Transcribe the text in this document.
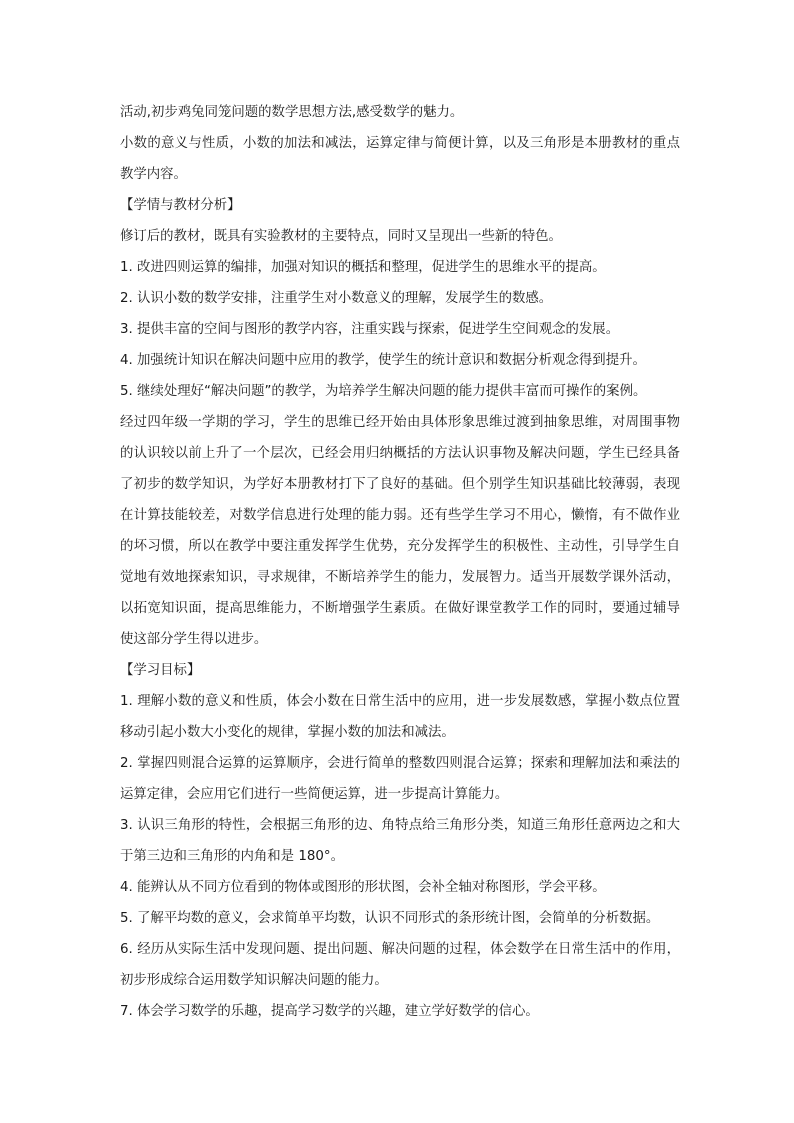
活动,初步鸡兔同笼问题的数学思想方法,感受数学的魅力。

小数的意义与性质，小数的加法和减法，运算定律与简便计算，以及三角形是本册教材的重点教学内容。

【学情与教材分析】

修订后的教材，既具有实验教材的主要特点，同时又呈现出一些新的特色。

1. 改进四则运算的编排，加强对知识的概括和整理，促进学生的思维水平的提高。

2. 认识小数的数学安排，注重学生对小数意义的理解，发展学生的数感。

3. 提供丰富的空间与图形的教学内容，注重实践与探索，促进学生空间观念的发展。

4. 加强统计知识在解决问题中应用的教学，使学生的统计意识和数据分析观念得到提升。

5. 继续处理好“解决问题”的教学，为培养学生解决问题的能力提供丰富而可操作的案例。

经过四年级一学期的学习，学生的思维已经开始由具体形象思维过渡到抽象思维，对周围事物的认识较以前上升了一个层次，已经会用归纳概括的方法认识事物及解决问题，学生已经具备了初步的数学知识，为学好本册教材打下了良好的基础。但个别学生知识基础比较薄弱，表现在计算技能较差，对数学信息进行处理的能力弱。还有些学生学习不用心，懒惰，有不做作业的坏习惯，所以在教学中要注重发挥学生优势，充分发挥学生的积极性、主动性，引导学生自觉地有效地探索知识，寻求规律，不断培养学生的能力，发展智力。适当开展数学课外活动，以拓宽知识面，提高思维能力，不断增强学生素质。在做好课堂教学工作的同时，要通过辅导使这部分学生得以进步。

【学习目标】

1. 理解小数的意义和性质，体会小数在日常生活中的应用，进一步发展数感，掌握小数点位置移动引起小数大小变化的规律，掌握小数的加法和减法。

2. 掌握四则混合运算的运算顺序，会进行简单的整数四则混合运算；探索和理解加法和乘法的运算定律，会应用它们进行一些简便运算，进一步提高计算能力。

3. 认识三角形的特性，会根据三角形的边、角特点给三角形分类，知道三角形任意两边之和大于第三边和三角形的内角和是 180°。

4. 能辨认从不同方位看到的物体或图形的形状图，会补全轴对称图形，学会平移。

5. 了解平均数的意义，会求简单平均数，认识不同形式的条形统计图，会简单的分析数据。

6. 经历从实际生活中发现问题、提出问题、解决问题的过程，体会数学在日常生活中的作用，初步形成综合运用数学知识解决问题的能力。

7. 体会学习数学的乐趣，提高学习数学的兴趣，建立学好数学的信心。
